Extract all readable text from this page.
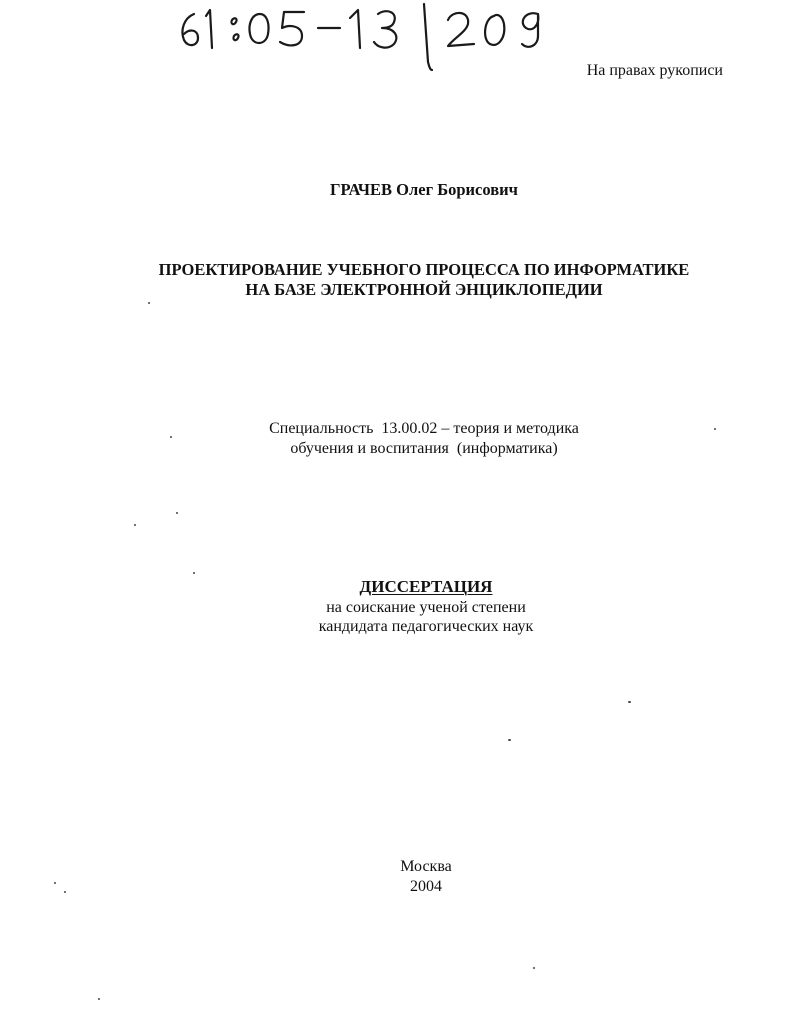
На правах рукописи
ГРАЧЕВ Олег Борисович
ПРОЕКТИРОВАНИЕ УЧЕБНОГО ПРОЦЕССА ПО ИНФОРМАТИКЕ
НА БАЗЕ ЭЛЕКТРОННОЙ ЭНЦИКЛОПЕДИИ
Специальность  13.00.02 – теория и методика
обучения и воспитания  (информатика)
ДИССЕРТАЦИЯ
на соискание ученой степени
кандидата педагогических наук
Москва
2004
